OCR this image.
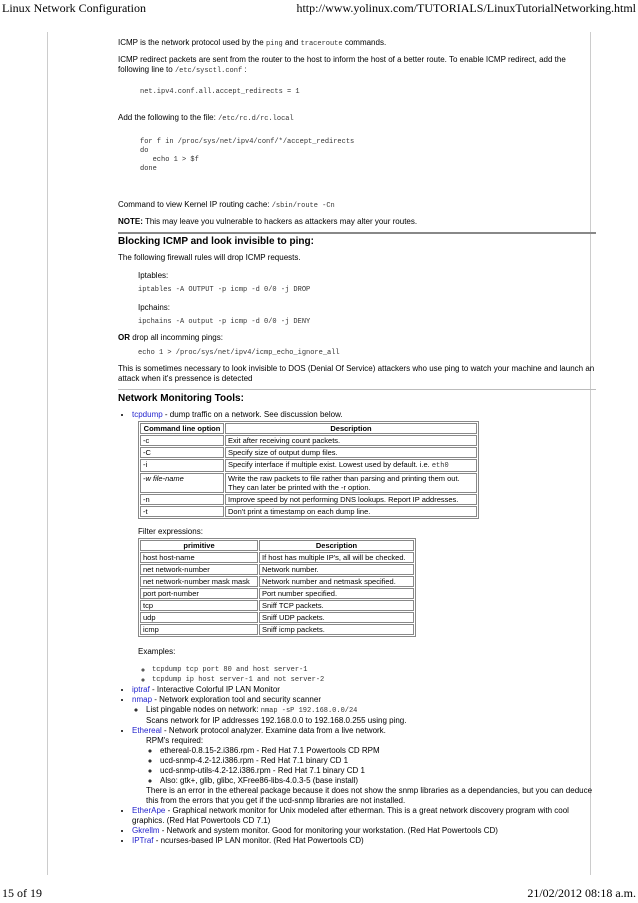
Linux Network Configuration	http://www.yolinux.com/TUTORIALS/LinuxTutorialNetworking.html

ICMP is the network protocol used by the ping and traceroute commands.

ICMP redirect packets are sent from the router to the host to inform the host of a better route. To enable ICMP redirect, add the following line to /etc/sysctl.conf :

net.ipv4.conf.all.accept_redirects = 1

Add the following to the file: /etc/rc.d/rc.local

for f in /proc/sys/net/ipv4/conf/*/accept_redirects
do
echo 1 > $f
done

Command to view Kernel IP routing cache: /sbin/route -Cn

NOTE: This may leave you vulnerable to hackers as attackers may alter your routes.

Blocking ICMP and look invisible to ping:

The following firewall rules will drop ICMP requests.

Iptables:

iptables -A OUTPUT -p icmp -d 0/0 -j DROP

Ipchains:

ipchains -A output -p icmp -d 0/0 -j DENY

OR drop all incomming pings:

echo 1 > /proc/sys/net/ipv4/icmp_echo_ignore_all

This is sometimes necessary to look invisible to DOS (Denial Of Service) attackers who use ping to watch your machine and launch an attack when it's pressence is detected

Network Monitoring Tools:
• tcpdump - dump traffic on a network. See discussion below.
Command line option	Description
-c	Exit after receiving count packets.
-C	Specify size of output dump files.
-i	Specify interface if multiple exist. Lowest used by default. i.e. eth0
-w file-name	Write the raw packets to file rather than parsing and printing them out. They can later be printed with the -r option.
-n	Improve speed by not performing DNS lookups. Report IP addresses.
-t	Don't print a timestamp on each dump line.

Filter expressions:

primitive	Description
host host-name	If host has multiple IP's, all will be checked.
net network-number	Network number.
net network-number mask mask	Network number and netmask specified.
port port-number	Port number specified.
tcp	Sniff TCP packets.
udp	Sniff UDP packets.
icmp	Sniff icmp packets.

Examples:

◦ tcpdump tcp port 80 and host server-1
◦ tcpdump ip host server-1 and not server-2
• iptraf - Interactive Colorful IP LAN Monitor
• nmap - Network exploration tool and security scanner
◦ List pingable nodes on network: nmap -sP 192.168.0.0/24

Scans network for IP addresses 192.168.0.0 to 192.168.0.255 using ping.

• Ethereal - Network protocol analyzer. Examine data from a live network.

RPM's required:

◦ ethereal-0.8.15-2.i386.rpm - Red Hat 7.1 Powertools CD RPM
◦ ucd-snmp-4.2-12.i386.rpm - Red Hat 7.1 binary CD 1
◦ ucd-snmp-utils-4.2-12.i386.rpm - Red Hat 7.1 binary CD 1
◦ Also: gtk+, glib, glibc, XFree86-libs-4.0.3-5 (base install)

There is an error in the ethereal package because it does not show the snmp libraries as a dependancies, but you can deduce this from the errors that you get if the ucd-snmp libraries are not installed.

• EtherApe - Graphical network monitor for Unix modeled after etherman. This is a great network discovery program with cool graphics. (Red Hat Powertools CD 7.1)
• Gkrellm - Network and system monitor. Good for monitoring your workstation. (Red Hat Powertools CD)
• IPTraf - ncurses-based IP LAN monitor. (Red Hat Powertools CD)
15 of 19	21/02/2012 08:18 a.m.
